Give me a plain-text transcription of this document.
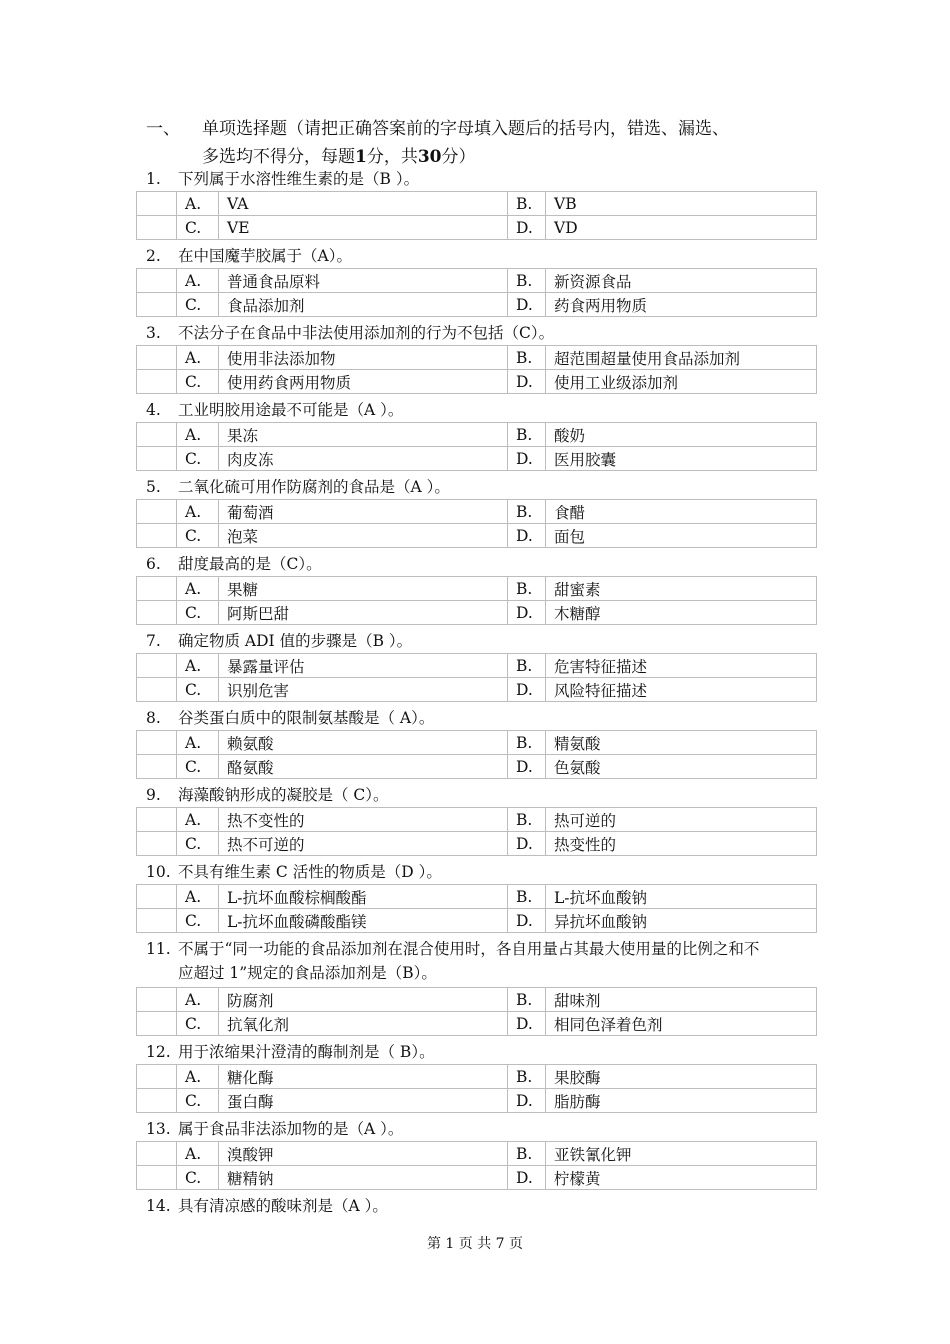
一、 单项选择题（请把正确答案前的字母填入题后的括号内，错选、漏选、
多选均不得分，每题1分，共30分）
1. 下列属于水溶性维生素的是（B ）。
	A.	VA	B.	VB
	C.	VE	D.	VD
2. 在中国魔芋胶属于（A）。
	A.	普通食品原料	B.	新资源食品
	C.	食品添加剂	D.	药食两用物质
3. 不法分子在食品中非法使用添加剂的行为不包括（C）。
	A.	使用非法添加物	B.	超范围超量使用食品添加剂
	C.	使用药食两用物质	D.	使用工业级添加剂
4. 工业明胶用途最不可能是（A ）。
	A.	果冻	B.	酸奶
	C.	肉皮冻	D.	医用胶囊
5. 二氧化硫可用作防腐剂的食品是（A ）。
	A.	葡萄酒	B.	食醋
	C.	泡菜	D.	面包
6. 甜度最高的是（C）。
	A.	果糖	B.	甜蜜素
	C.	阿斯巴甜	D.	木糖醇
7. 确定物质 ADI 值的步骤是（B ）。
	A.	暴露量评估	B.	危害特征描述
	C.	识别危害	D.	风险特征描述
8. 谷类蛋白质中的限制氨基酸是（ A）。
	A.	赖氨酸	B.	精氨酸
	C.	酪氨酸	D.	色氨酸
9. 海藻酸钠形成的凝胶是（ C）。
	A.	热不变性的	B.	热可逆的
	C.	热不可逆的	D.	热变性的
10. 不具有维生素 C 活性的物质是（D ）。
	A.	L-抗坏血酸棕榈酸酯	B.	L-抗坏血酸钠
	C.	L-抗坏血酸磷酸酯镁	D.	异抗坏血酸钠
11. 不属于“同一功能的食品添加剂在混合使用时，各自用量占其最大使用量的比例之和不
应超过 1”规定的食品添加剂是（B）。
	A.	防腐剂	B.	甜味剂
	C.	抗氧化剂	D.	相同色泽着色剂
12. 用于浓缩果汁澄清的酶制剂是（ B）。
	A.	糖化酶	B.	果胶酶
	C.	蛋白酶	D.	脂肪酶
13. 属于食品非法添加物的是（A ）。
	A.	溴酸钾	B.	亚铁氰化钾
	C.	糖精钠	D.	柠檬黄
14. 具有清凉感的酸味剂是（A ）。
第 1 页 共 7 页
